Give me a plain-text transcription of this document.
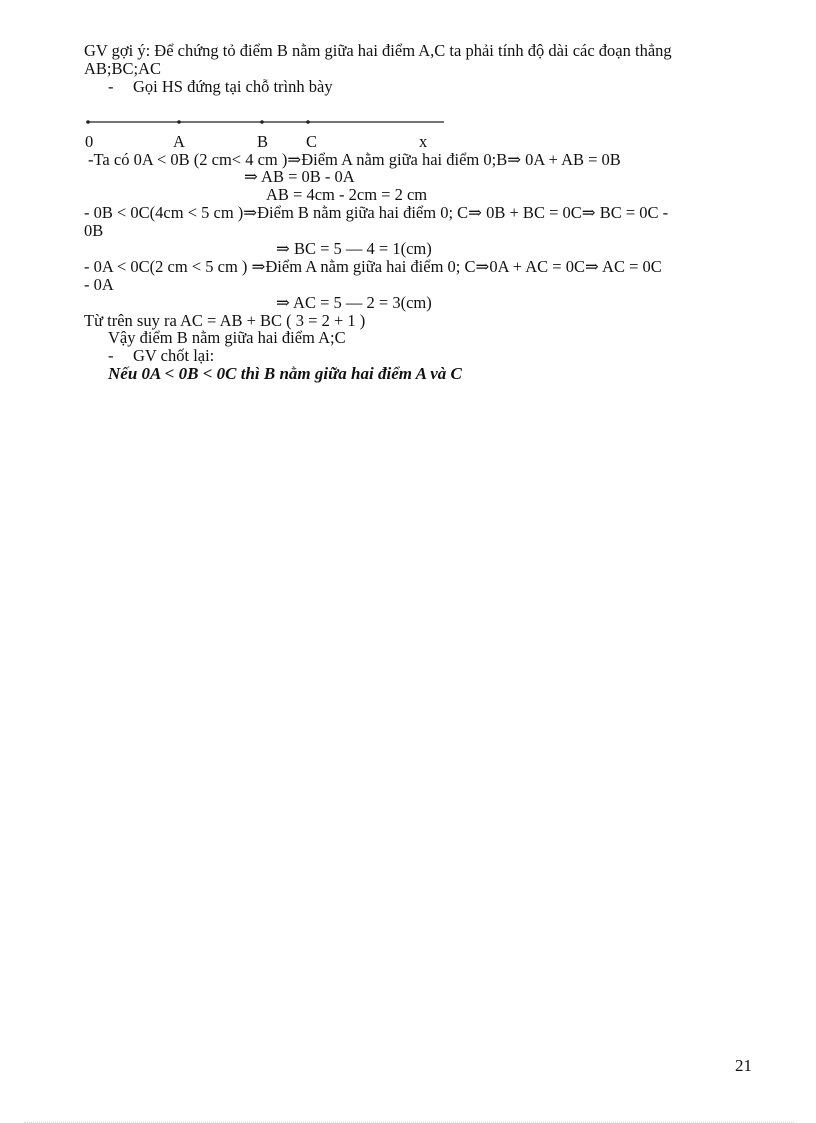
GV gợi ý: Để chứng tỏ điểm B nằm giữa hai điểm A,C ta phải tính độ dài các đoạn thẳng
AB;BC;AC
- Gọi HS đứng tại chỗ trình bày
0	A	B C	x
-Ta có 0A < 0B (2 cm< 4 cm )⇒Điểm A nằm giữa hai điểm 0;B⇒ 0A + AB = 0B
⇒ AB = 0B - 0A
AB = 4cm - 2cm = 2 cm
- 0B < 0C(4cm < 5 cm )⇒Điểm B nằm giữa hai điểm 0; C⇒ 0B + BC = 0C⇒ BC = 0C -
0B
⇒ BC = 5 — 4 = 1(cm)
- 0A < 0C(2 cm < 5 cm ) ⇒Điểm A nằm giữa hai điểm 0; C⇒0A + AC = 0C⇒ AC = 0C
- 0A
⇒ AC = 5 — 2 = 3(cm)
Từ trên suy ra AC = AB + BC ( 3 = 2 + 1 )
Vậy điểm B nằm giữa hai điểm A;C
- GV chốt lại:
Nếu 0A < 0B < 0C thì B nằm giữa hai điểm A và C
21
